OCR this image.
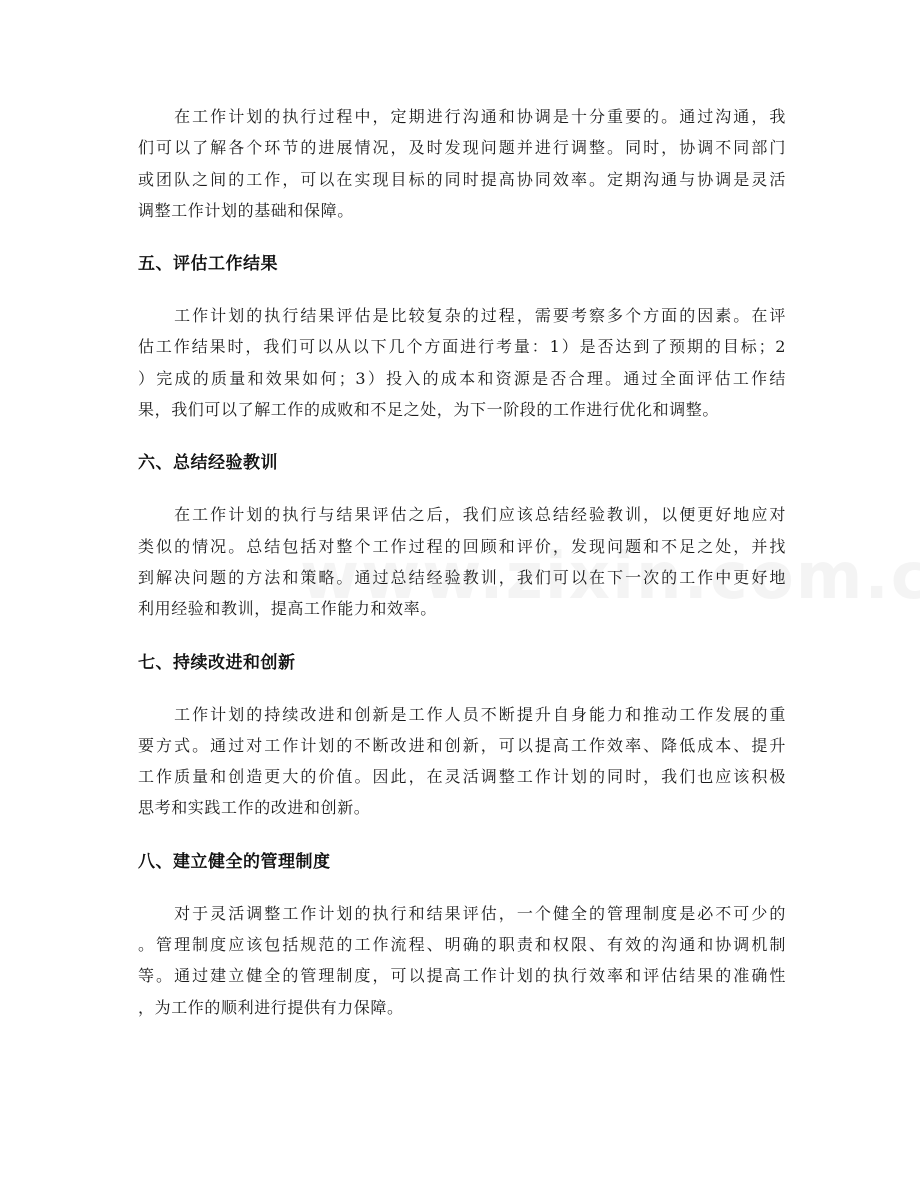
　　在工作计划的执行过程中，定期进行沟通和协调是十分重要的。通过沟通，我
们可以了解各个环节的进展情况，及时发现问题并进行调整。同时，协调不同部门
或团队之间的工作，可以在实现目标的同时提高协同效率。定期沟通与协调是灵活
调整工作计划的基础和保障。
五、评估工作结果
　　工作计划的执行结果评估是比较复杂的过程，需要考察多个方面的因素。在评
估工作结果时，我们可以从以下几个方面进行考量：1）是否达到了预期的目标；2
）完成的质量和效果如何；3）投入的成本和资源是否合理。通过全面评估工作结
果，我们可以了解工作的成败和不足之处，为下一阶段的工作进行优化和调整。
六、总结经验教训
　　在工作计划的执行与结果评估之后，我们应该总结经验教训，以便更好地应对
类似的情况。总结包括对整个工作过程的回顾和评价，发现问题和不足之处，并找
到解决问题的方法和策略。通过总结经验教训，我们可以在下一次的工作中更好地
利用经验和教训，提高工作能力和效率。
七、持续改进和创新
　　工作计划的持续改进和创新是工作人员不断提升自身能力和推动工作发展的重
要方式。通过对工作计划的不断改进和创新，可以提高工作效率、降低成本、提升
工作质量和创造更大的价值。因此，在灵活调整工作计划的同时，我们也应该积极
思考和实践工作的改进和创新。
八、建立健全的管理制度
　　对于灵活调整工作计划的执行和结果评估，一个健全的管理制度是必不可少的
。管理制度应该包括规范的工作流程、明确的职责和权限、有效的沟通和协调机制
等。通过建立健全的管理制度，可以提高工作计划的执行效率和评估结果的准确性
，为工作的顺利进行提供有力保障。
